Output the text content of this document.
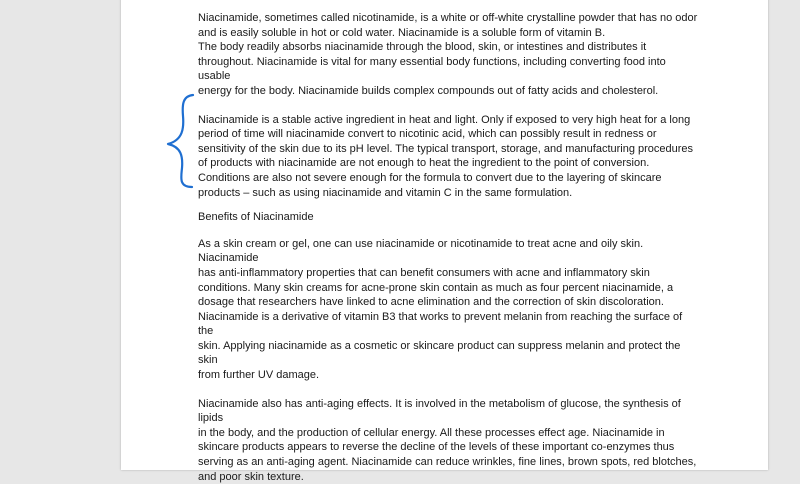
Niacinamide, sometimes called nicotinamide, is a white or off-white crystalline powder that has no odor
and is easily soluble in hot or cold water. Niacinamide is a soluble form of vitamin B.
The body readily absorbs niacinamide through the blood, skin, or intestines and distributes it
throughout. Niacinamide is vital for many essential body functions, including converting food into usable
energy for the body. Niacinamide builds complex compounds out of fatty acids and cholesterol.

Niacinamide is a stable active ingredient in heat and light. Only if exposed to very high heat for a long
period of time will niacinamide convert to nicotinic acid, which can possibly result in redness or
sensitivity of the skin due to its pH level. The typical transport, storage, and manufacturing procedures
of products with niacinamide are not enough to heat the ingredient to the point of conversion.
Conditions are also not severe enough for the formula to convert due to the layering of skincare
products – such as using niacinamide and vitamin C in the same formulation.

Benefits of Niacinamide

As a skin cream or gel, one can use niacinamide or nicotinamide to treat acne and oily skin. Niacinamide
has anti-inflammatory properties that can benefit consumers with acne and inflammatory skin
conditions. Many skin creams for acne-prone skin contain as much as four percent niacinamide, a
dosage that researchers have linked to acne elimination and the correction of skin discoloration.
Niacinamide is a derivative of vitamin B3 that works to prevent melanin from reaching the surface of the
skin. Applying niacinamide as a cosmetic or skincare product can suppress melanin and protect the skin
from further UV damage.

Niacinamide also has anti-aging effects. It is involved in the metabolism of glucose, the synthesis of lipids
in the body, and the production of cellular energy. All these processes effect age. Niacinamide in
skincare products appears to reverse the decline of the levels of these important co-enzymes thus
serving as an anti-aging agent. Niacinamide can reduce wrinkles, fine lines, brown spots, red blotches,
and poor skin texture.
